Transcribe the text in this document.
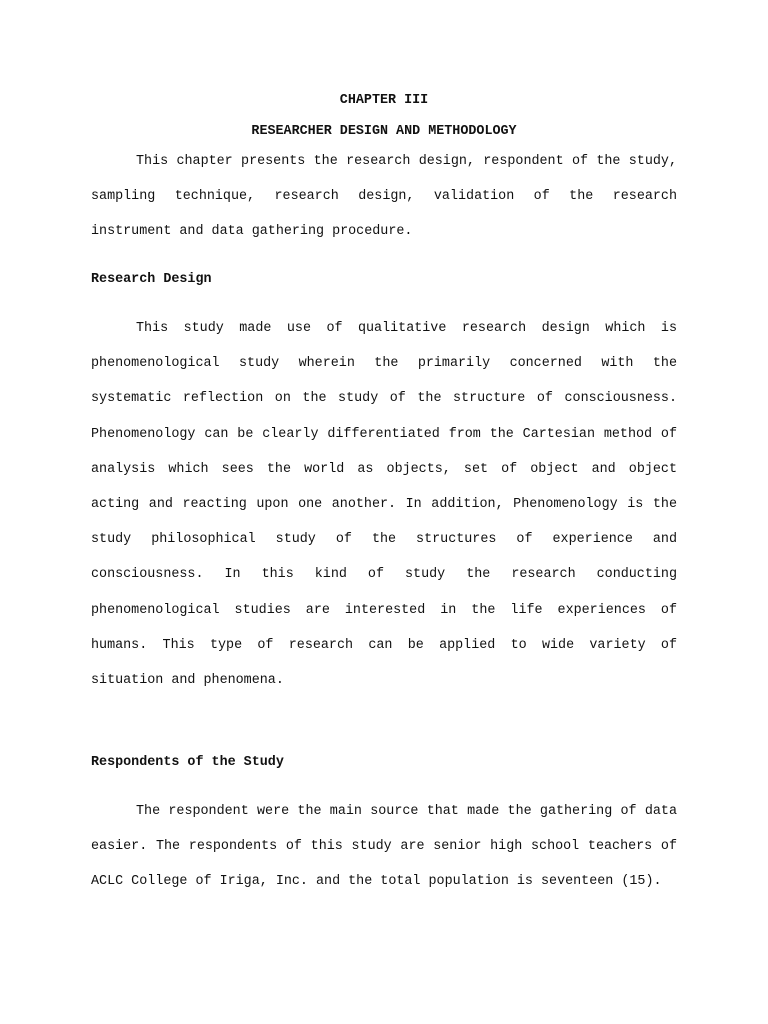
CHAPTER III
RESEARCHER DESIGN AND METHODOLOGY

This chapter presents the research design, respondent of the study, sampling technique, research design, validation of the research instrument and data gathering procedure.

Research Design

This study made use of qualitative research design which is phenomenological study wherein the primarily concerned with the systematic reflection on the study of the structure of consciousness. Phenomenology can be clearly differentiated from the Cartesian method of analysis which sees the world as objects, set of object and object acting and reacting upon one another. In addition, Phenomenology is the study philosophical study of the structures of experience and consciousness. In this kind of study the research conducting phenomenological studies are interested in the life experiences of humans. This type of research can be applied to wide variety of situation and phenomena.

Respondents of the Study

The respondent were the main source that made the gathering of data easier. The respondents of this study are senior high school teachers of ACLC College of Iriga, Inc. and the total population is seventeen (15).
